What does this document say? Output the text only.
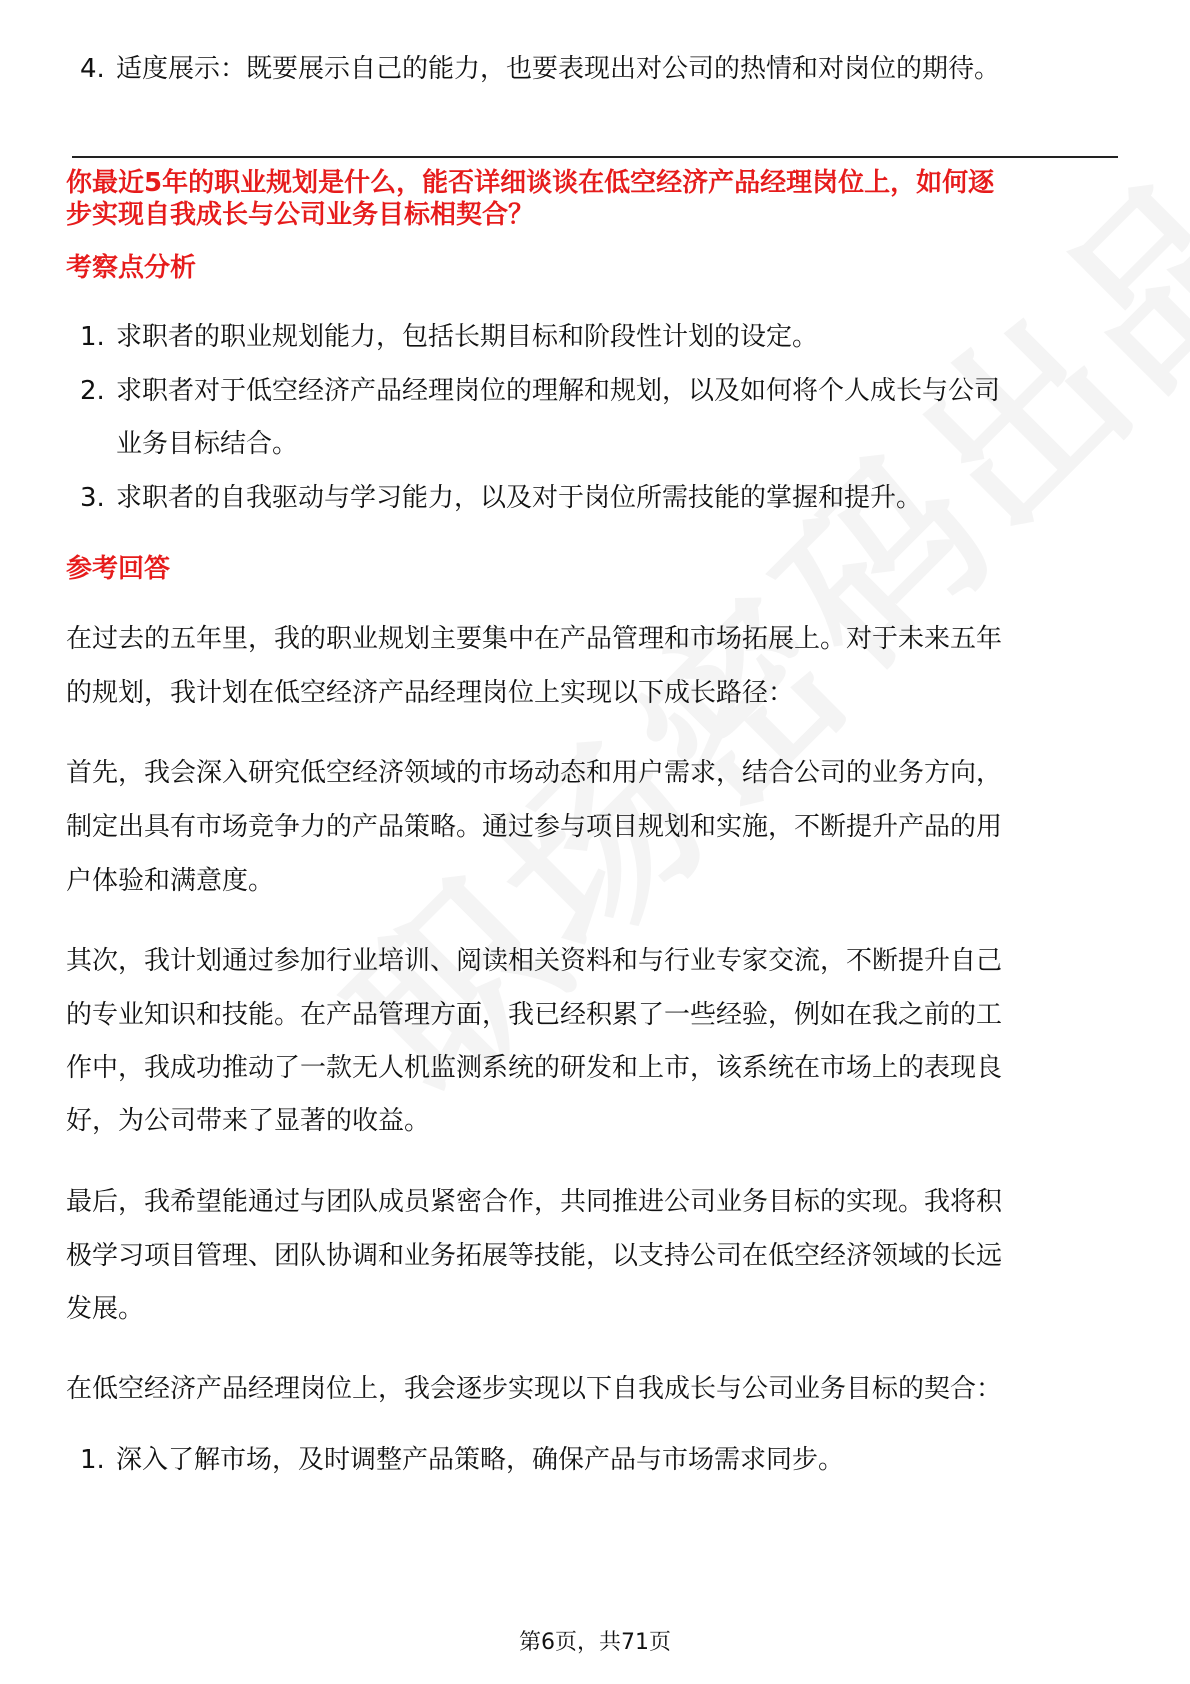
4. 适度展示：既要展示自己的能力，也要表现出对公司的热情和对岗位的期待。
你最近5年的职业规划是什么，能否详细谈谈在低空经济产品经理岗位上，如何逐
步实现自我成长与公司业务目标相契合？
考察点分析
1. 求职者的职业规划能力，包括长期目标和阶段性计划的设定。
2. 求职者对于低空经济产品经理岗位的理解和规划，以及如何将个人成长与公司
业务目标结合。
3. 求职者的自我驱动与学习能力，以及对于岗位所需技能的掌握和提升。
参考回答
在过去的五年里，我的职业规划主要集中在产品管理和市场拓展上。对于未来五年
的规划，我计划在低空经济产品经理岗位上实现以下成长路径：
首先，我会深入研究低空经济领域的市场动态和用户需求，结合公司的业务方向，
制定出具有市场竞争力的产品策略。通过参与项目规划和实施，不断提升产品的用
户体验和满意度。
其次，我计划通过参加行业培训、阅读相关资料和与行业专家交流，不断提升自己
的专业知识和技能。在产品管理方面，我已经积累了一些经验，例如在我之前的工
作中，我成功推动了一款无人机监测系统的研发和上市，该系统在市场上的表现良
好，为公司带来了显著的收益。
最后，我希望能通过与团队成员紧密合作，共同推进公司业务目标的实现。我将积
极学习项目管理、团队协调和业务拓展等技能，以支持公司在低空经济领域的长远
发展。
在低空经济产品经理岗位上，我会逐步实现以下自我成长与公司业务目标的契合：
1. 深入了解市场，及时调整产品策略，确保产品与市场需求同步。
第6页，共71页
